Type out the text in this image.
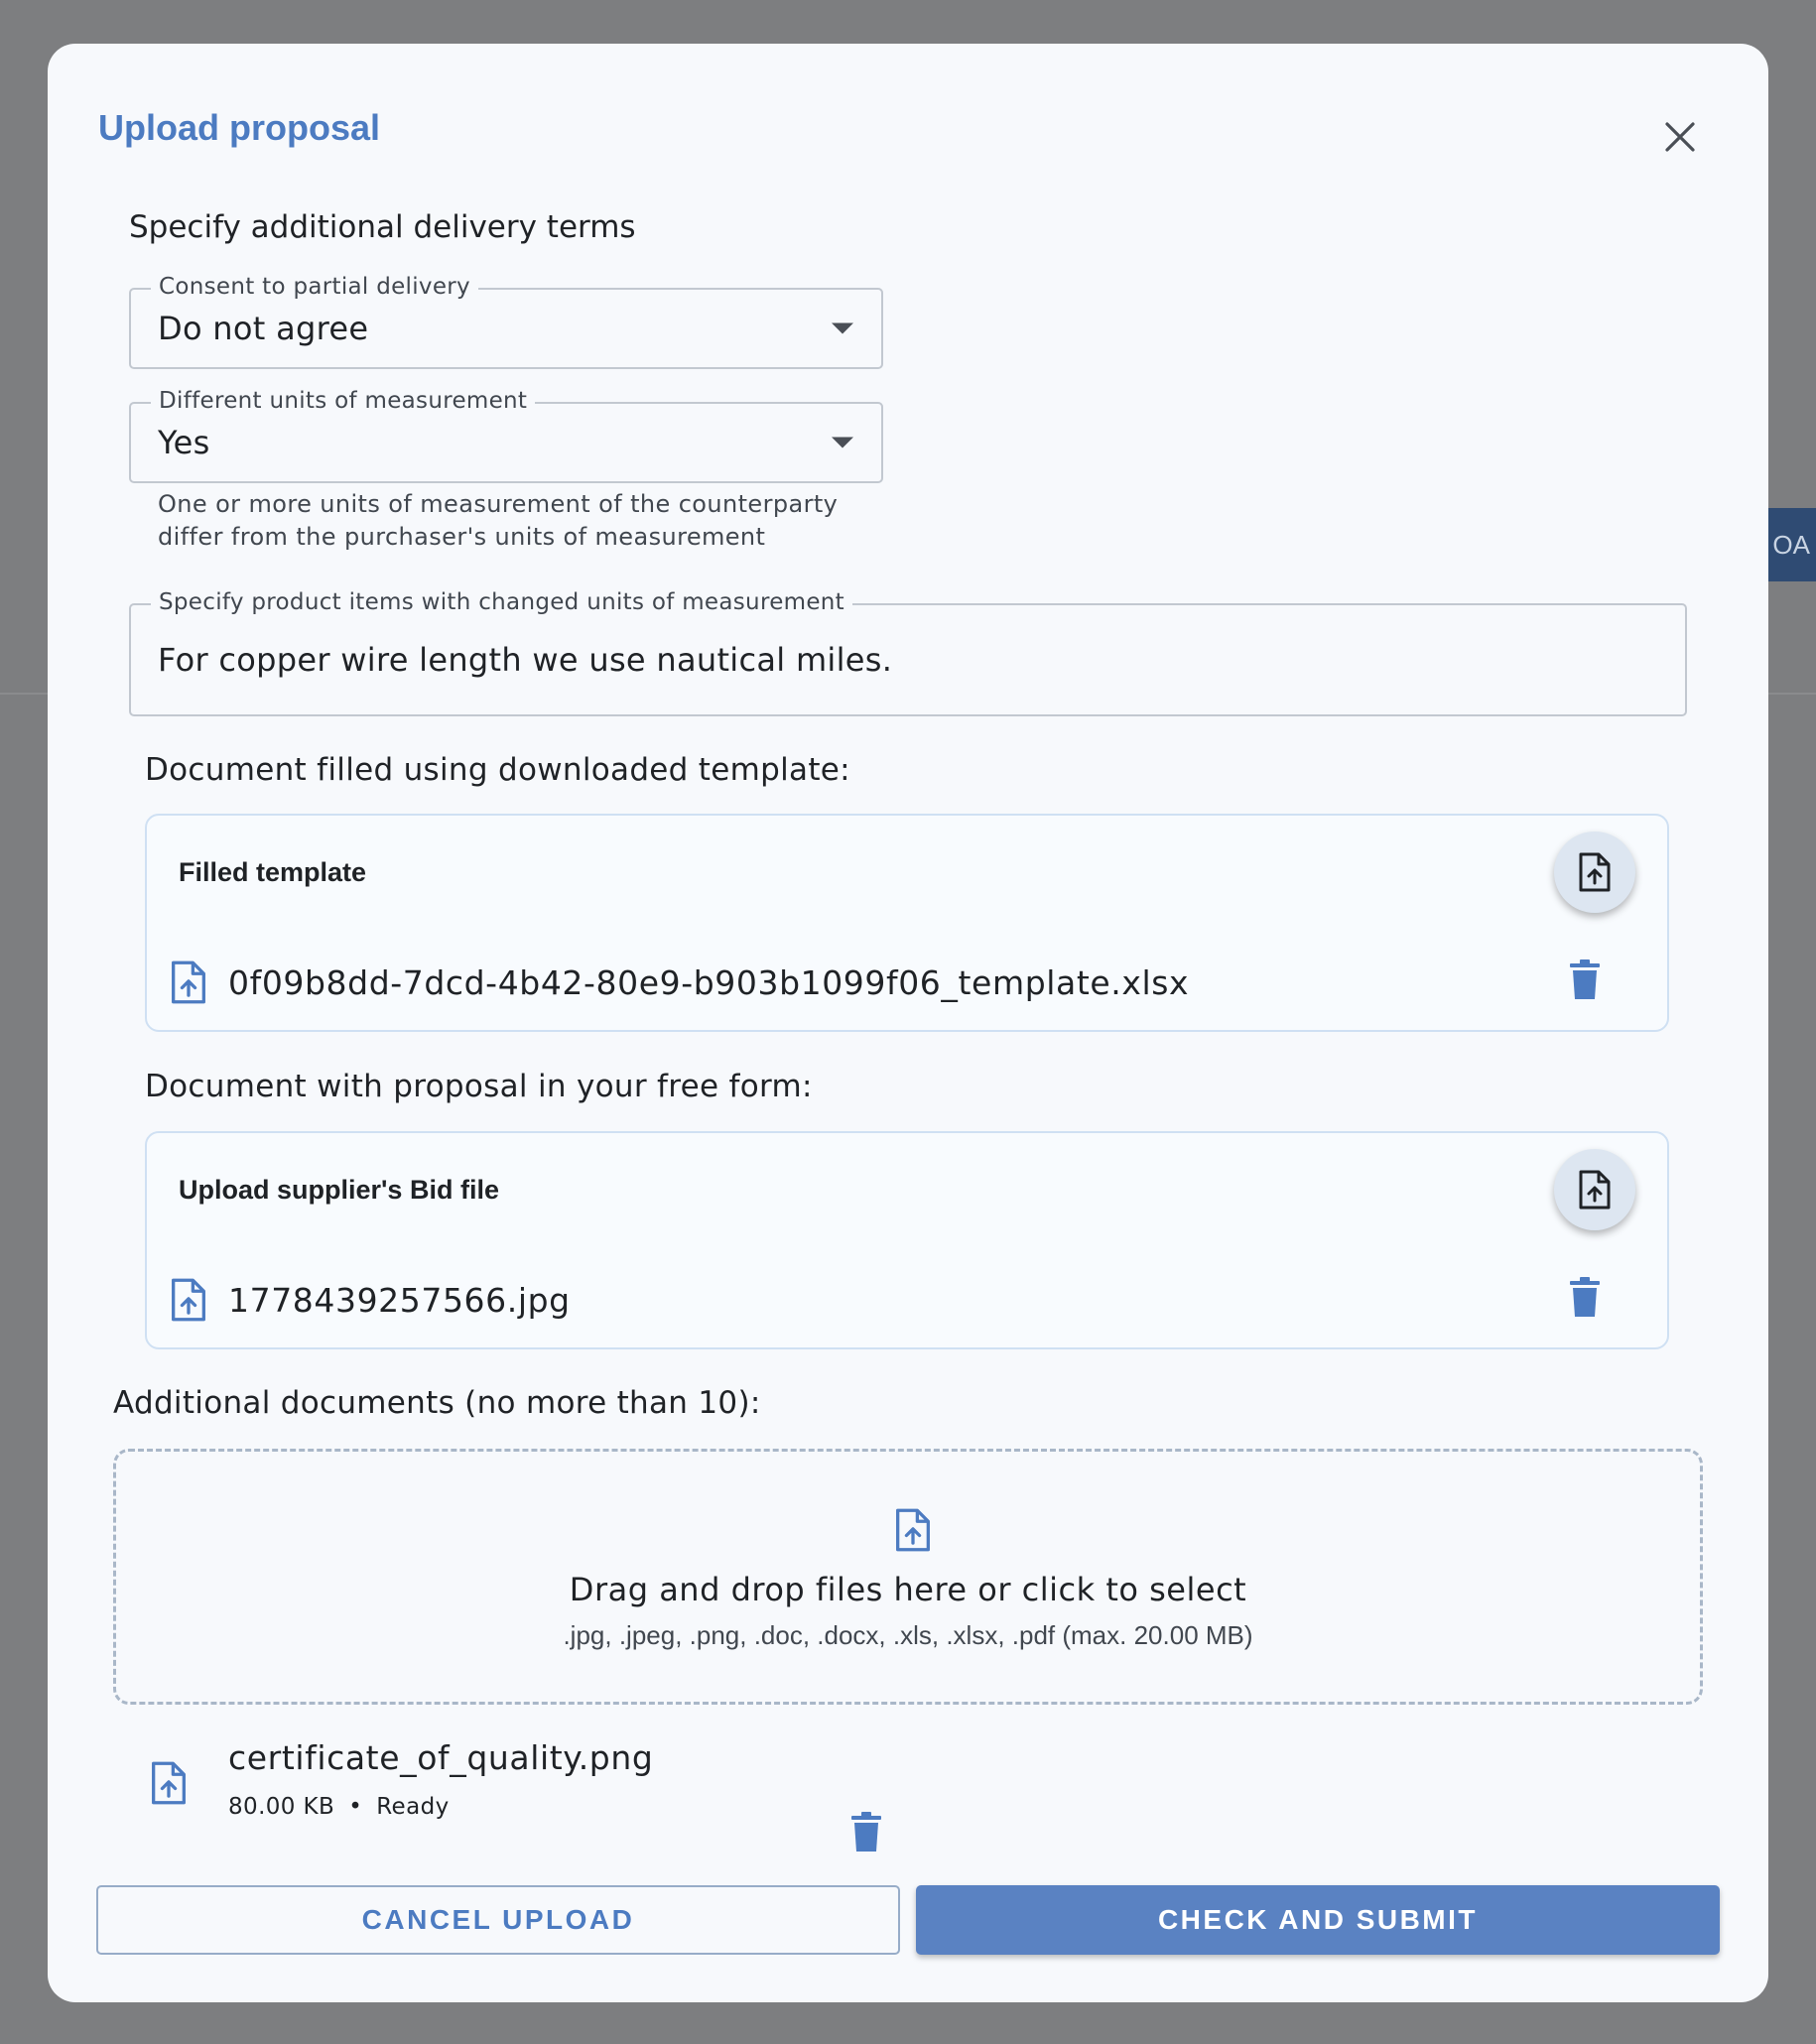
OA
Upload proposal
Specify additional delivery terms
Consent to partial delivery
Do not agree
Different units of measurement
Yes
One or more units of measurement of the counterparty
differ from the purchaser's units of measurement
Specify product items with changed units of measurement
For copper wire length we use nautical miles.
Document filled using downloaded template:
Filled template
0f09b8dd-7dcd-4b42-80e9-b903b1099f06_template.xlsx
Document with proposal in your free form:
Upload supplier's Bid file
1778439257566.jpg
Additional documents (no more than 10):
Drag and drop files here or click to select
.jpg, .jpeg, .png, .doc, .docx, .xls, .xlsx, .pdf (max. 20.00 MB)
certificate_of_quality.png
80.00 KB • Ready
CANCEL UPLOAD	CHECK AND SUBMIT
